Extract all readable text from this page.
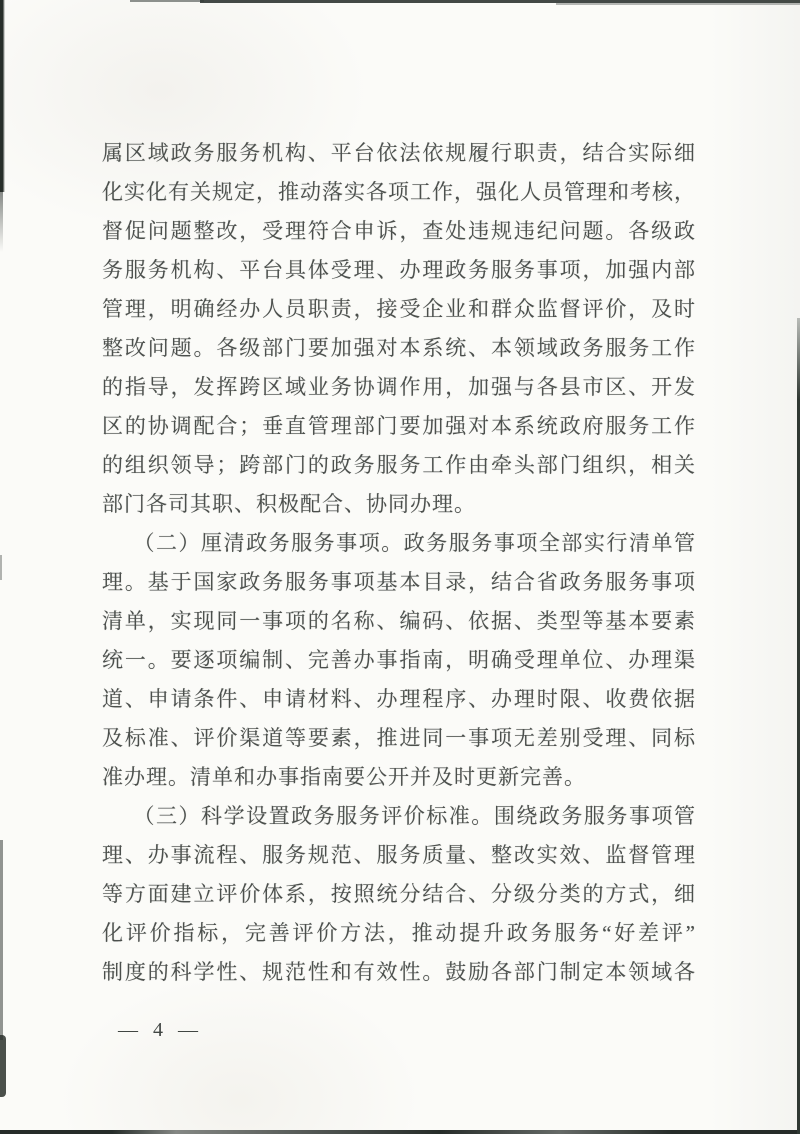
属区域政务服务机构、平台依法依规履行职责，结合实际细
化实化有关规定，推动落实各项工作，强化人员管理和考核，
督促问题整改，受理符合申诉，查处违规违纪问题。各级政
务服务机构、平台具体受理、办理政务服务事项，加强内部
管理，明确经办人员职责，接受企业和群众监督评价，及时
整改问题。各级部门要加强对本系统、本领域政务服务工作
的指导，发挥跨区域业务协调作用，加强与各县市区、开发
区的协调配合；垂直管理部门要加强对本系统政府服务工作
的组织领导；跨部门的政务服务工作由牵头部门组织，相关
部门各司其职、积极配合、协同办理。
（二）厘清政务服务事项。政务服务事项全部实行清单管
理。基于国家政务服务事项基本目录，结合省政务服务事项
清单，实现同一事项的名称、编码、依据、类型等基本要素
统一。要逐项编制、完善办事指南，明确受理单位、办理渠
道、申请条件、申请材料、办理程序、办理时限、收费依据
及标准、评价渠道等要素，推进同一事项无差别受理、同标
准办理。清单和办事指南要公开并及时更新完善。
（三）科学设置政务服务评价标准。围绕政务服务事项管
理、办事流程、服务规范、服务质量、整改实效、监督管理
等方面建立评价体系，按照统分结合、分级分类的方式，细
化评价指标，完善评价方法，推动提升政务服务“好差评”
制度的科学性、规范性和有效性。鼓励各部门制定本领域各
— 4 —
